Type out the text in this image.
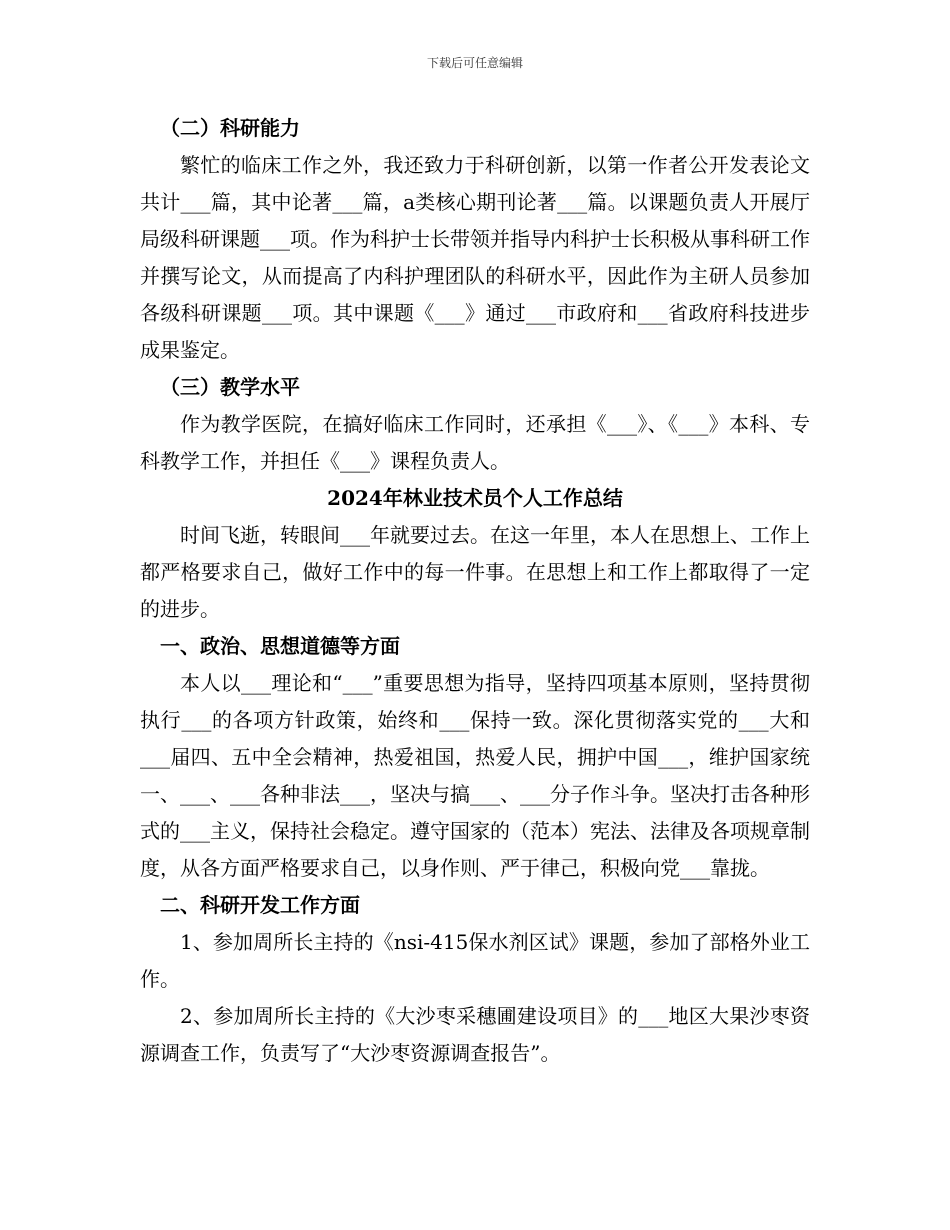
下载后可任意编辑

（二）科研能力

繁忙的临床工作之外，我还致力于科研创新，以第一作者公开发表论文共计___篇，其中论著___篇，a类核心期刊论著___篇。以课题负责人开展厅局级科研课题___项。作为科护士长带领并指导内科护士长积极从事科研工作并撰写论文，从而提高了内科护理团队的科研水平，因此作为主研人员参加各级科研课题___项。其中课题《___》通过___市政府和___省政府科技进步成果鉴定。

（三）教学水平

作为教学医院，在搞好临床工作同时，还承担《___》、《___》本科、专科教学工作，并担任《___》课程负责人。

2024年林业技术员个人工作总结

时间飞逝，转眼间___年就要过去。在这一年里，本人在思想上、工作上都严格要求自己，做好工作中的每一件事。在思想上和工作上都取得了一定的进步。

一、政治、思想道德等方面

本人以___理论和“___”重要思想为指导，坚持四项基本原则，坚持贯彻执行___的各项方针政策，始终和___保持一致。深化贯彻落实党的___大和___届四、五中全会精神，热爱祖国，热爱人民，拥护中国___，维护国家统一、___、___各种非法___，坚决与搞___、___分子作斗争。坚决打击各种形式的___主义，保持社会稳定。遵守国家的（范本）宪法、法律及各项规章制度，从各方面严格要求自己，以身作则、严于律己，积极向党___靠拢。

二、科研开发工作方面

1、参加周所长主持的《nsi-415保水剂区试》课题，参加了部格外业工作。

2、参加周所长主持的《大沙枣采穗圃建设项目》的___地区大果沙枣资源调查工作，负责写了“大沙枣资源调查报告”。
